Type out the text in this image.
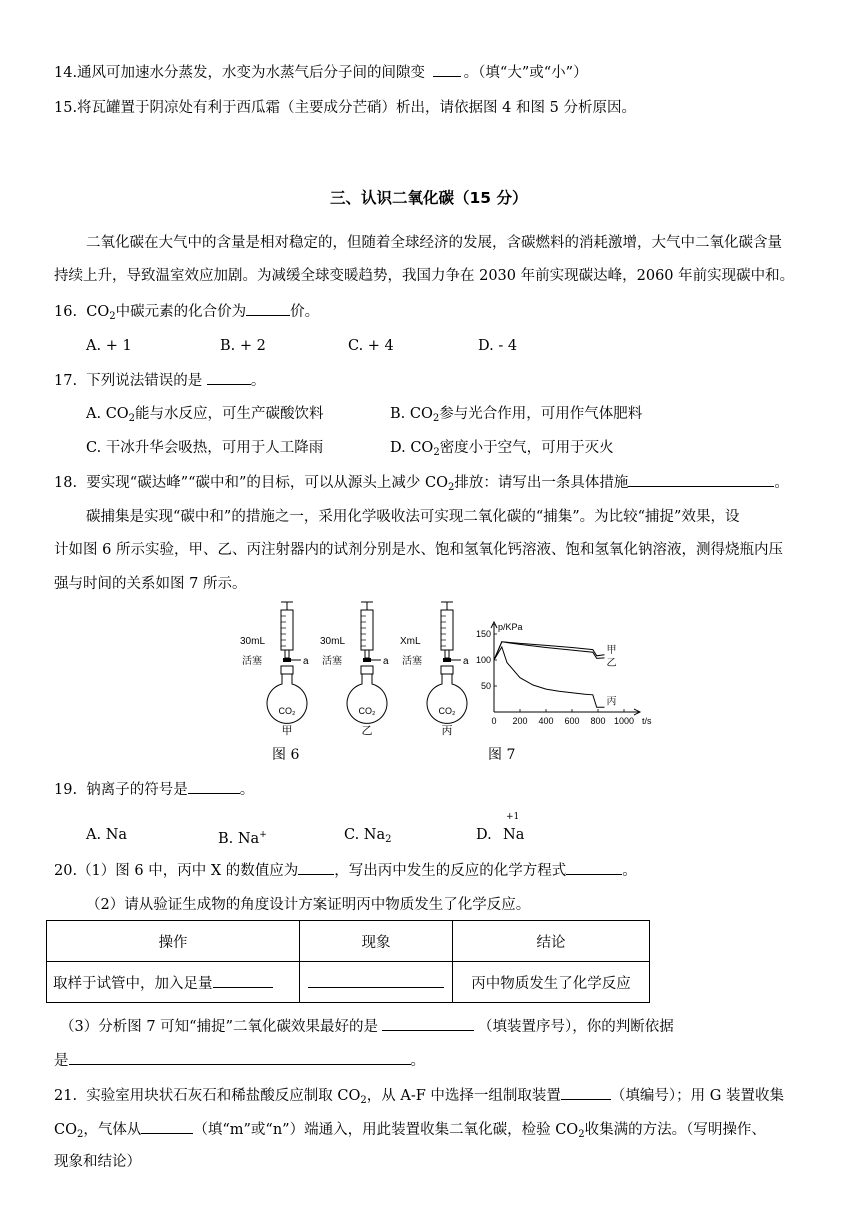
14.通风可加速水分蒸发，水变为水蒸气后分子间的间隙变	。（填“大”或“小”）
15.将瓦罐置于阴凉处有利于西瓜霜（主要成分芒硝）析出，请依据图 4 和图 5 分析原因。
三、认识二氧化碳（15 分）
二氧化碳在大气中的含量是相对稳定的，但随着全球经济的发展，含碳燃料的消耗激增，大气中二氧化碳含量
持续上升，导致温室效应加剧。为减缓全球变暖趋势，我国力争在 2030 年前实现碳达峰，2060 年前实现碳中和。
16. $CO_2$中碳元素的化合价为	价。
A. + 1	B. + 2	C. + 4	D. - 4
17. 下列说法错误的是	。
A. $CO_2$能与水反应，可生产碳酸饮料	B. $CO_2$参与光合作用，可用作气体肥料
C. 干冰升华会吸热，可用于人工降雨	D. $CO_2$密度小于空气，可用于灭火
18. 要实现“碳达峰”“碳中和”的目标，可以从源头上减少 $CO_2$排放：请写出一条具体措施	。
碳捕集是实现“碳中和”的措施之一，采用化学吸收法可实现二氧化碳的“捕集”。为比较“捕捉”效果，设
计如图 6 所示实验，甲、乙、丙注射器内的试剂分别是水、饱和氢氧化钙溶液、饱和氢氧化钠溶液，测得烧瓶内压
强与时间的关系如图 7 所示。
30mL
活塞	a
CO₂
甲
30mL
活塞	a
CO₂
乙
XmL
活塞	a
CO₂
丙
图 6
p/KPa
150
100
50
0 200 400 600 800 1000 t/s
甲
乙
丙
图 7
19. 钠离子的符号是	。
A. Na	B. Na+	C. $Na_2$	D.
+1
Na
20.（1）图 6 中，丙中 X 的数值应为 ，写出丙中发生的反应的化学方程式	。
（2）请从验证生成物的角度设计方案证明丙中物质发生了化学反应。
操作	现象	结论
取样于试管中，加入足量		丙中物质发生了化学反应
（3）分析图 7 可知“捕捉”二氧化碳效果最好的是	（填装置序号），你的判断依据
是	。
21. 实验室用块状石灰石和稀盐酸反应制取 $CO_2$，从 A-F 中选择一组制取装置	（填编号）；用 G 装置收集
$CO_2$，气体从	（填“m”或“n”）端通入，用此装置收集二氧化碳，检验 $CO_2$收集满的方法。（写明操作、
现象和结论）
